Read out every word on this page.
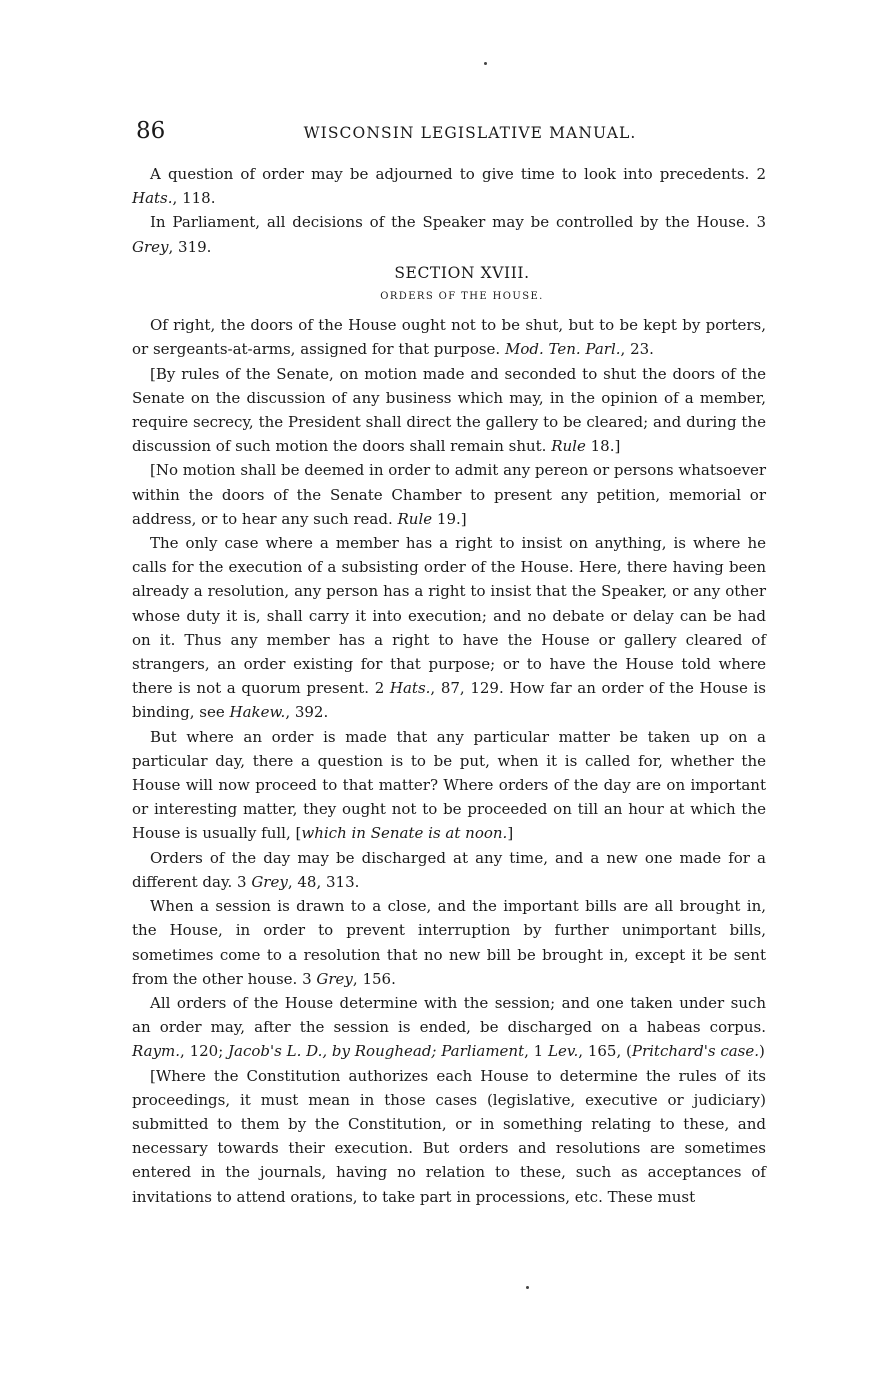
86	WISCONSIN LEGISLATIVE MANUAL.

A question of order may be adjourned to give time to look into precedents. 2 Hats., 118.

In Parliament, all decisions of the Speaker may be controlled by the House. 3 Grey, 319.

SECTION XVIII.

ORDERS OF THE HOUSE.

Of right, the doors of the House ought not to be shut, but to be kept by porters, or sergeants-at-arms, assigned for that purpose. Mod. Ten. Parl., 23.

[By rules of the Senate, on motion made and seconded to shut the doors of the Senate on the discussion of any business which may, in the opinion of a member, require secrecy, the President shall direct the gallery to be cleared; and during the discussion of such motion the doors shall remain shut. Rule 18.]

[No motion shall be deemed in order to admit any pereon or persons whatsoever within the doors of the Senate Chamber to present any petition, memorial or address, or to hear any such read. Rule 19.]

The only case where a member has a right to insist on anything, is where he calls for the execution of a subsisting order of the House. Here, there having been already a resolution, any person has a right to insist that the Speaker, or any other whose duty it is, shall carry it into execution; and no debate or delay can be had on it. Thus any member has a right to have the House or gallery cleared of strangers, an order existing for that purpose; or to have the House told where there is not a quorum present. 2 Hats., 87, 129. How far an order of the House is binding, see Hakew., 392.

But where an order is made that any particular matter be taken up on a particular day, there a question is to be put, when it is called for, whether the House will now proceed to that matter? Where orders of the day are on important or interesting matter, they ought not to be proceeded on till an hour at which the House is usually full, [which in Senate is at noon.]

Orders of the day may be discharged at any time, and a new one made for a different day. 3 Grey, 48, 313.

When a session is drawn to a close, and the important bills are all brought in, the House, in order to prevent interruption by further unimportant bills, sometimes come to a resolution that no new bill be brought in, except it be sent from the other house. 3 Grey, 156.

All orders of the House determine with the session; and one taken under such an order may, after the session is ended, be discharged on a habeas corpus. Raym., 120; Jacob's L. D., by Roughead; Parliament, 1 Lev., 165, (Pritchard's case.)

[Where the Constitution authorizes each House to determine the rules of its proceedings, it must mean in those cases (legislative, executive or judiciary) submitted to them by the Constitution, or in something relating to these, and necessary towards their execution. But orders and resolutions are sometimes entered in the journals, having no relation to these, such as acceptances of invitations to attend orations, to take part in processions, etc. These must
